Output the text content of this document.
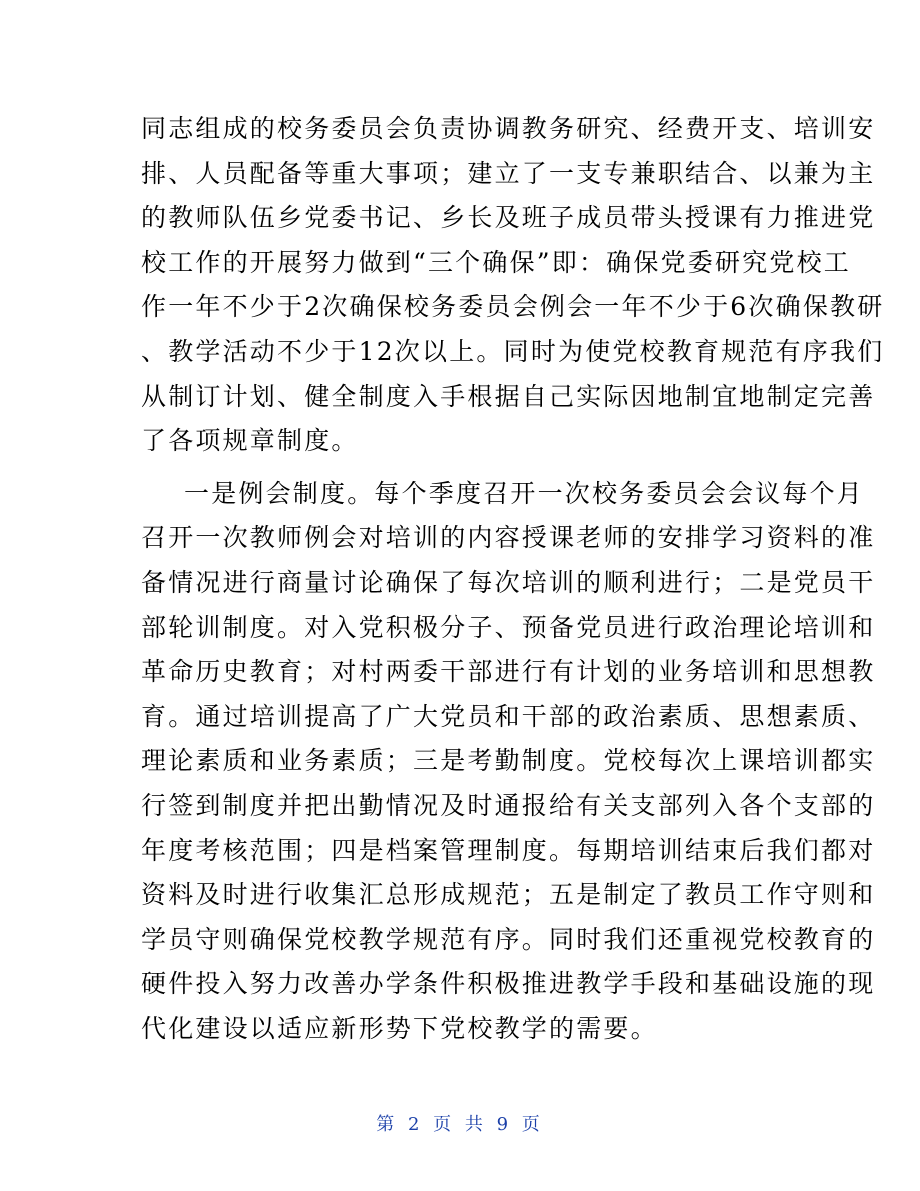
同志组成的校务委员会负责协调教务研究、经费开支、培训安
排、人员配备等重大事项；建立了一支专兼职结合、以兼为主
的教师队伍乡党委书记、乡长及班子成员带头授课有力推进党
校工作的开展努力做到“三个确保”即：确保党委研究党校工
作一年不少于2次确保校务委员会例会一年不少于6次确保教研
、教学活动不少于12次以上。同时为使党校教育规范有序我们
从制订计划、健全制度入手根据自己实际因地制宜地制定完善
了各项规章制度。
一是例会制度。每个季度召开一次校务委员会会议每个月
召开一次教师例会对培训的内容授课老师的安排学习资料的准
备情况进行商量讨论确保了每次培训的顺利进行；二是党员干
部轮训制度。对入党积极分子、预备党员进行政治理论培训和
革命历史教育；对村两委干部进行有计划的业务培训和思想教
育。通过培训提高了广大党员和干部的政治素质、思想素质、
理论素质和业务素质；三是考勤制度。党校每次上课培训都实
行签到制度并把出勤情况及时通报给有关支部列入各个支部的
年度考核范围；四是档案管理制度。每期培训结束后我们都对
资料及时进行收集汇总形成规范；五是制定了教员工作守则和
学员守则确保党校教学规范有序。同时我们还重视党校教育的
硬件投入努力改善办学条件积极推进教学手段和基础设施的现
代化建设以适应新形势下党校教学的需要。
第 2 页 共 9 页
